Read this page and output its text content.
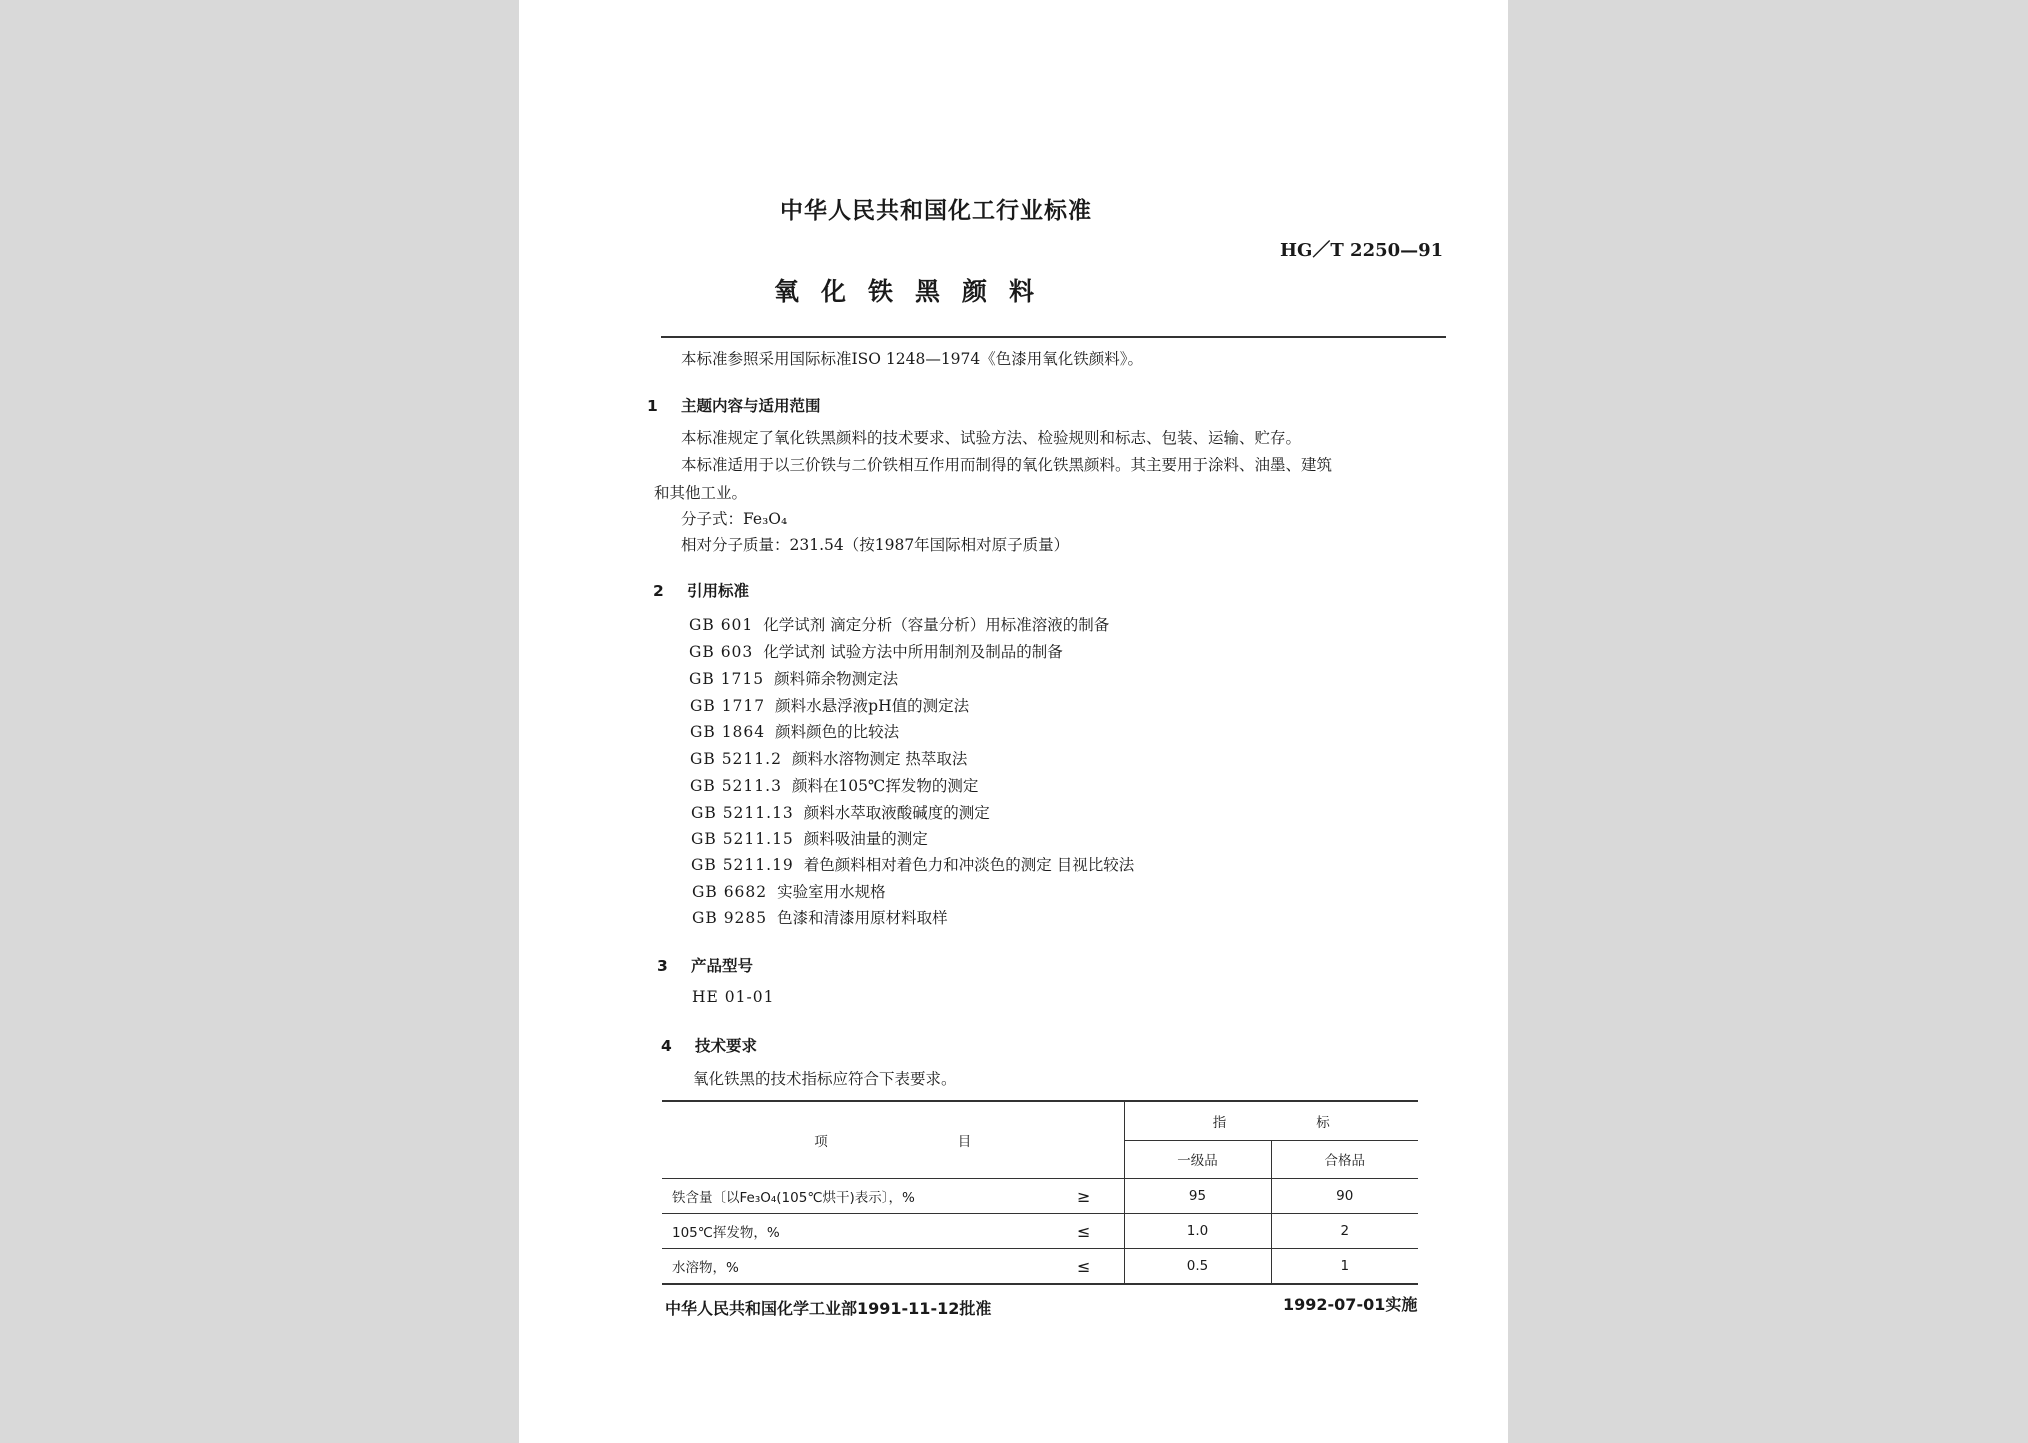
中华人民共和国化工行业标准
HG／T 2250—91
氧化铁黑颜料
本标准参照采用国际标准ISO 1248—1974《色漆用氧化铁颜料》。
1 主题内容与适用范围
本标准规定了氧化铁黑颜料的技术要求、试验方法、检验规则和标志、包装、运输、贮存。
本标准适用于以三价铁与二价铁相互作用而制得的氧化铁黑颜料。其主要用于涂料、油墨、建筑
和其他工业。
分子式：Fe₃O₄
相对分子质量：231.54（按1987年国际相对原子质量）
2 引用标准
GB 601 化学试剂 滴定分析（容量分析）用标准溶液的制备
GB 603 化学试剂 试验方法中所用制剂及制品的制备
GB 1715 颜料筛余物测定法
GB 1717 颜料水悬浮液pH值的测定法
GB 1864 颜料颜色的比较法
GB 5211.2 颜料水溶物测定 热萃取法
GB 5211.3 颜料在105℃挥发物的测定
GB 5211.13 颜料水萃取液酸碱度的测定
GB 5211.15 颜料吸油量的测定
GB 5211.19 着色颜料相对着色力和冲淡色的测定 目视比较法
GB 6682 实验室用水规格
GB 9285 色漆和清漆用原材料取样
3 产品型号
HE 01-01
4 技术要求
氧化铁黑的技术指标应符合下表要求。
项 目		指 标	
		一级品	合格品
铁含量〔以Fe₃O₄(105℃烘干)表示〕，%	≥	95	90
105℃挥发物，%	≤	1.0	2
水溶物，%	≤	0.5	1
中华人民共和国化学工业部1991-11-12批准	1992-07-01实施
